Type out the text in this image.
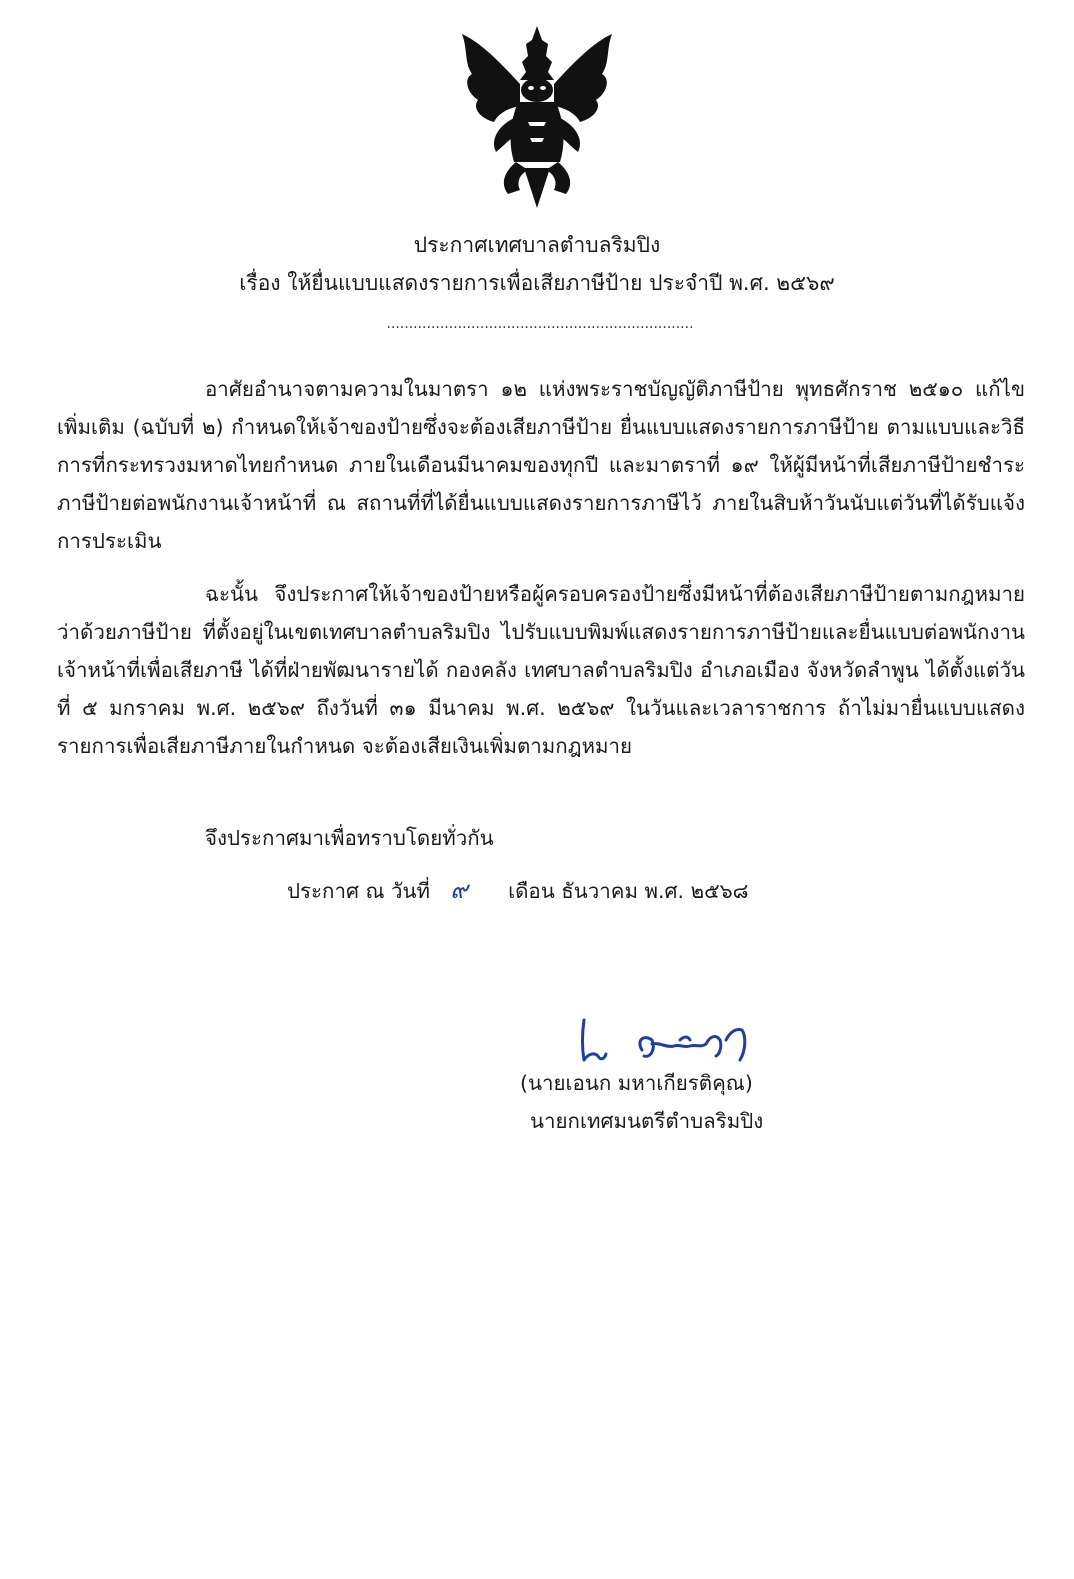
ประกาศเทศบาลตำบลริมปิง
เรื่อง ให้ยื่นแบบแสดงรายการเพื่อเสียภาษีป้าย ประจำปี พ.ศ. ๒๕๖๙
.....................................................................

อาศัยอำนาจตามความในมาตรา ๑๒ แห่งพระราชบัญญัติภาษีป้าย พุทธศักราช ๒๕๑๐ แก้ไขเพิ่มเติม (ฉบับที่ ๒) กำหนดให้เจ้าของป้ายซึ่งจะต้องเสียภาษีป้าย ยื่นแบบแสดงรายการภาษีป้าย ตามแบบและวิธีการที่กระทรวงมหาดไทยกำหนด ภายในเดือนมีนาคมของทุกปี และมาตราที่ ๑๙ ให้ผู้มีหน้าที่เสียภาษีป้ายชำระภาษีป้ายต่อพนักงานเจ้าหน้าที่ ณ สถานที่ที่ได้ยื่นแบบแสดงรายการภาษีไว้ ภายในสิบห้าวันนับแต่วันที่ได้รับแจ้งการประเมิน

ฉะนั้น จึงประกาศให้เจ้าของป้ายหรือผู้ครอบครองป้ายซึ่งมีหน้าที่ต้องเสียภาษีป้ายตามกฎหมายว่าด้วยภาษีป้าย ที่ตั้งอยู่ในเขตเทศบาลตำบลริมปิง ไปรับแบบพิมพ์แสดงรายการภาษีป้ายและยื่นแบบต่อพนักงานเจ้าหน้าที่เพื่อเสียภาษี ได้ที่ฝ่ายพัฒนารายได้ กองคลัง เทศบาลตำบลริมปิง อำเภอเมือง จังหวัดลำพูน ได้ตั้งแต่วันที่ ๕ มกราคม พ.ศ. ๒๕๖๙ ถึงวันที่ ๓๑ มีนาคม พ.ศ. ๒๕๖๙ ในวันและเวลาราชการ ถ้าไม่มายื่นแบบแสดงรายการเพื่อเสียภาษีภายในกำหนด จะต้องเสียเงินเพิ่มตามกฎหมาย

จึงประกาศมาเพื่อทราบโดยทั่วกัน
ประกาศ ณ วันที่ ๙ เดือน ธันวาคม พ.ศ. ๒๕๖๘
(นายเอนก มหาเกียรติคุณ)
นายกเทศมนตรีตำบลริมปิง
